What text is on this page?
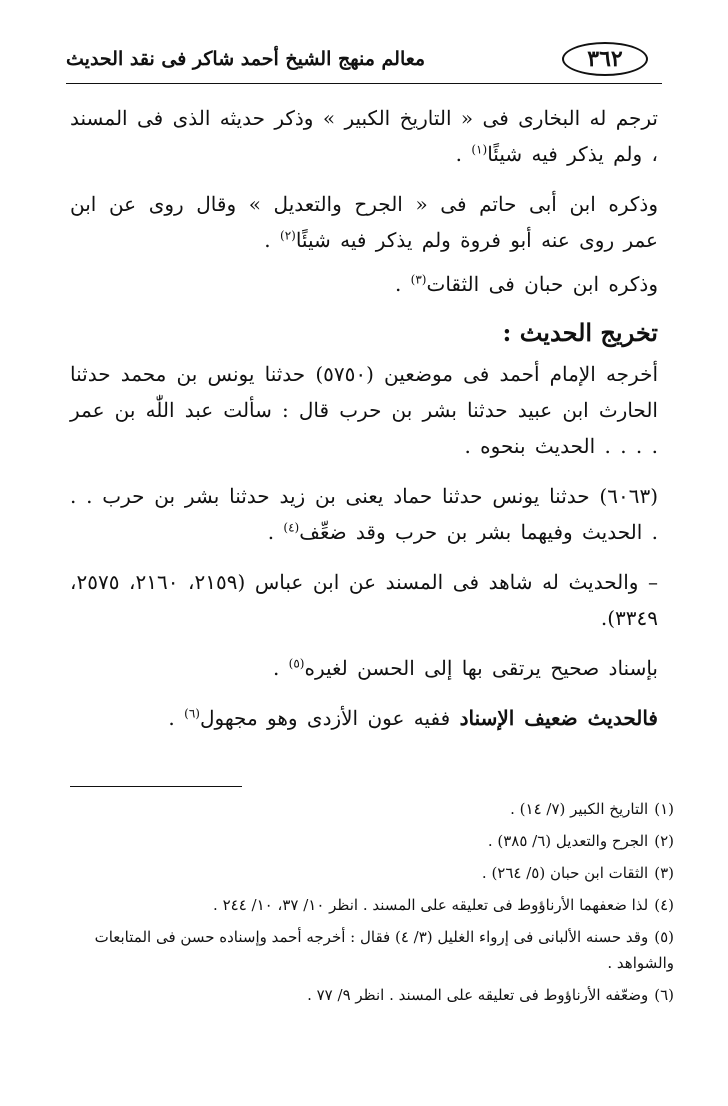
٣٦٢
معالم منهج الشيخ أحمد شاكر فى نقد الحديث

ترجم له البخارى فى « التاريخ الكبير » وذكر حديثه الذى فى المسند ، ولم يذكر فيه شيئًا$^{(١)}$ .

وذكره ابن أبى حاتم فى « الجرح والتعديل » وقال روى عن ابن عمر روى عنه أبو فروة ولم يذكر فيه شيئًا$^{(٢)}$ .

وذكره ابن حبان فى الثقات$^{(٣)}$ .

تخريج الحديث :

أخرجه الإمام أحمد فى موضعين (٥٧٥٠) حدثنا يونس بن محمد حدثنا الحارث ابن عبيد حدثنا بشر بن حرب قال : سألت عبد اللّٰه بن عمر . . . . الحديث بنحوه .

(٦٠٦٣) حدثنا يونس حدثنا حماد يعنى بن زيد حدثنا بشر بن حرب . . . الحديث وفيهما بشر بن حرب وقد ضعِّف$^{(٤)}$ .

– والحديث له شاهد فى المسند عن ابن عباس (٢١٥٩، ٢١٦٠، ٢٥٧٥، ٣٣٤٩).

بإسناد صحيح يرتقى بها إلى الحسن لغيره$^{(٥)}$ .

فالحديث ضعيف الإسناد ففيه عون الأزدى وهو مجهول$^{(٦)}$ .

(١)التاريخ الكبير (٧/ ١٤) .

(٢)الجرح والتعديل (٦/ ٣٨٥) .

(٣)الثقات ابن حبان (٥/ ٢٦٤) .

(٤)لذا ضعفهما الأرناؤوط فى تعليقه على المسند . انظر ١٠/ ٣٧، ١٠/ ٢٤٤ .

(٥)وقد حسنه الألبانى فى إرواء الغليل (٣/ ٤) فقال : أخرجه أحمد وإسناده حسن فى المتابعات والشواهد .

(٦)وضعّفه الأرناؤوط فى تعليقه على المسند . انظر ٩/ ٧٧ .
